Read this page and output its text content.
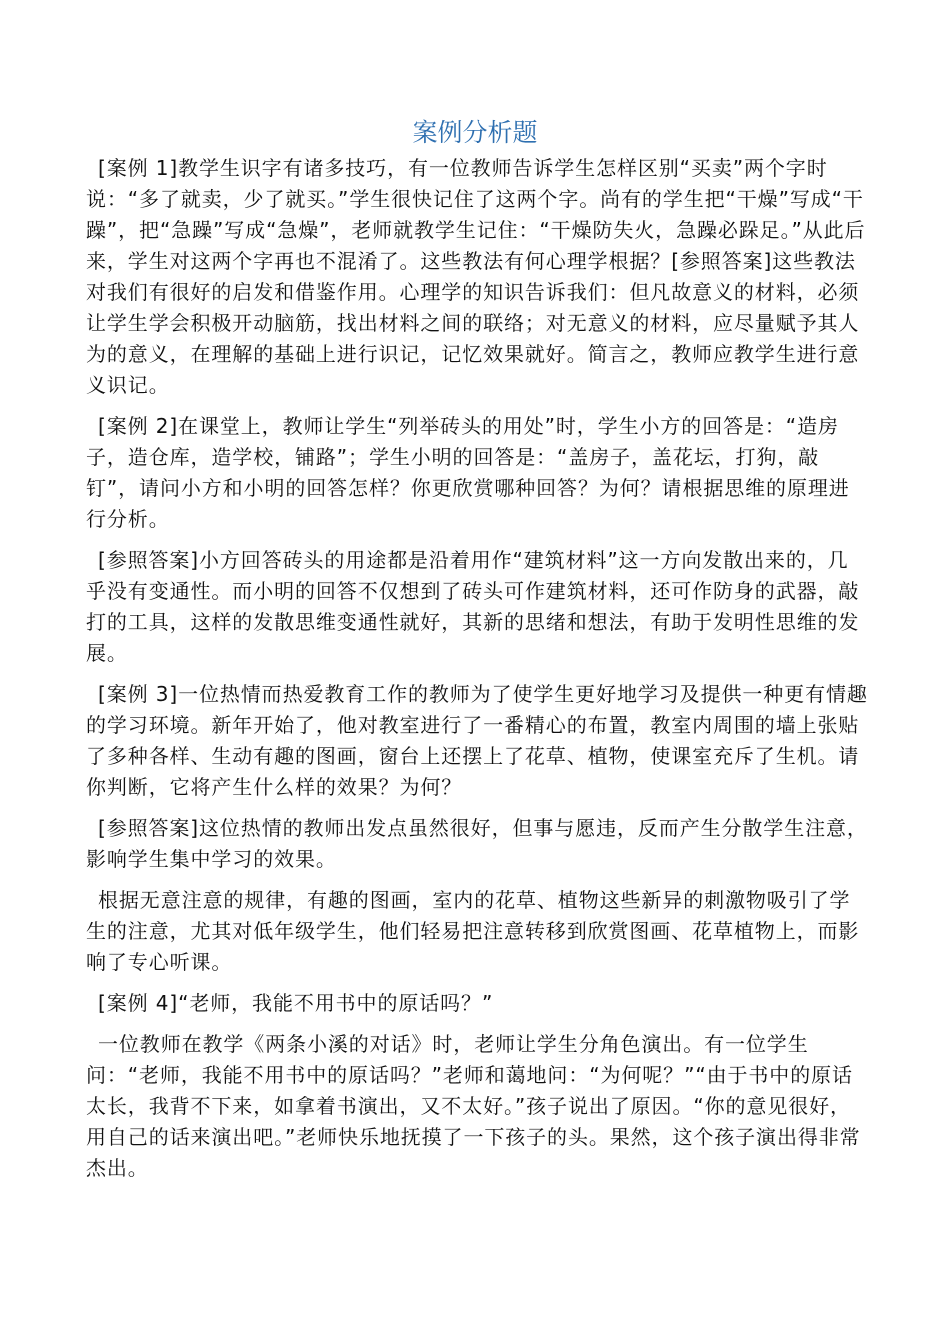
案例分析题

[案例 1]教学生识字有诸多技巧，有一位教师告诉学生怎样区别“买卖”两个字时说：“多了就卖，少了就买。”学生很快记住了这两个字。尚有的学生把“干燥”写成“干躁”，把“急躁”写成“急燥”，老师就教学生记住：“干燥防失火，急躁必跺足。”从此后来，学生对这两个字再也不混淆了。这些教法有何心理学根据？[参照答案]这些教法对我们有很好的启发和借鉴作用。心理学的知识告诉我们：但凡故意义的材料，必须让学生学会积极开动脑筋，找出材料之间的联络；对无意义的材料，应尽量赋予其人为的意义，在理解的基础上进行识记，记忆效果就好。简言之，教师应教学生进行意义识记。

[案例 2]在课堂上，教师让学生“列举砖头的用处”时，学生小方的回答是：“造房子，造仓库，造学校，铺路”；学生小明的回答是：“盖房子，盖花坛，打狗，敲钉”，请问小方和小明的回答怎样？你更欣赏哪种回答？为何？请根据思维的原理进行分析。

[参照答案]小方回答砖头的用途都是沿着用作“建筑材料”这一方向发散出来的，几乎没有变通性。而小明的回答不仅想到了砖头可作建筑材料，还可作防身的武器，敲打的工具，这样的发散思维变通性就好，其新的思绪和想法，有助于发明性思维的发展。

[案例 3]一位热情而热爱教育工作的教师为了使学生更好地学习及提供一种更有情趣的学习环境。新年开始了，他对教室进行了一番精心的布置，教室内周围的墙上张贴了多种各样、生动有趣的图画，窗台上还摆上了花草、植物，使课室充斥了生机。请你判断，它将产生什么样的效果？为何？

[参照答案]这位热情的教师出发点虽然很好，但事与愿违，反而产生分散学生注意，影响学生集中学习的效果。

根据无意注意的规律，有趣的图画，室内的花草、植物这些新异的刺激物吸引了学生的注意，尤其对低年级学生，他们轻易把注意转移到欣赏图画、花草植物上，而影响了专心听课。

[案例 4]“老师，我能不用书中的原话吗？”

一位教师在教学《两条小溪的对话》时，老师让学生分角色演出。有一位学生问：“老师，我能不用书中的原话吗？”老师和蔼地问：“为何呢？”“由于书中的原话太长，我背不下来，如拿着书演出，又不太好。”孩子说出了原因。“你的意见很好，用自己的话来演出吧。”老师快乐地抚摸了一下孩子的头。果然，这个孩子演出得非常杰出。
